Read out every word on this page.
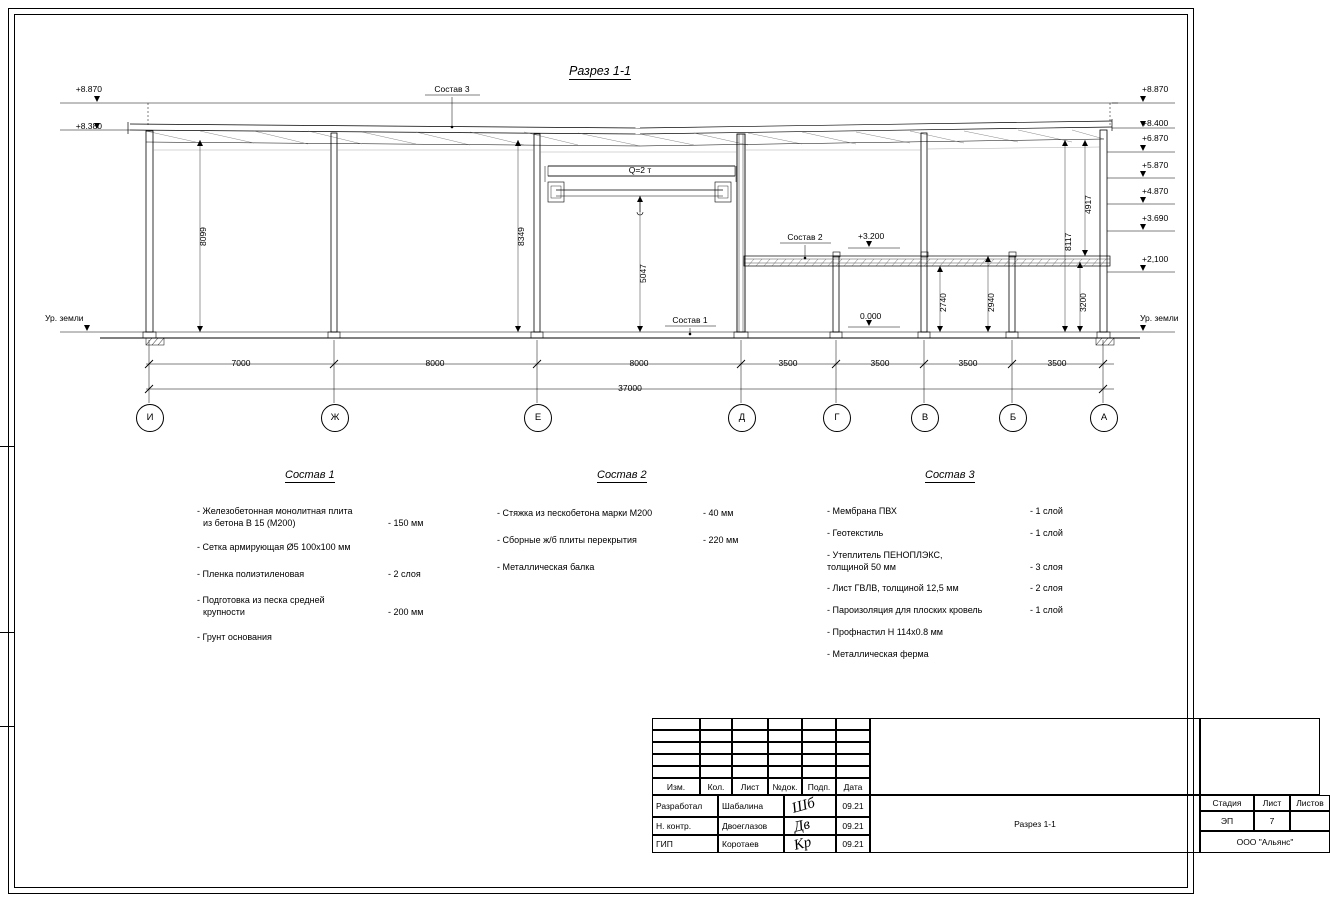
Разрез 1-1
+8.870
+8.380
Ур. земли
+8.870
+8.400
+6.870
+5.870
+4.870
+3.690
+2,100
Ур. земли
+3.200
0.000
Q=2 т
Состав 3
Состав 2
Состав 1
8099	8349
5047
8117
4917
2740	2940	3200
7000	8000	8000	3500	3500	3500	3500
37000
И	Ж	Е	Д	Г	В	Б	А
Состав 1
- Железобетонная монолитная плита
из бетона В 15 (М200)	- 150 мм
- Сетка армирующая Ø5 100х100 мм
- Пленка полиэтиленовая	- 2 слоя
- Подготовка из песка средней
крупности	- 200 мм
- Грунт основания
Состав 2
- Стяжка из пескобетона марки М200	- 40 мм
- Сборные ж/б плиты перекрытия	- 220 мм
- Металлическая балка
Состав 3
- Мембрана ПВХ	- 1 слой
- Геотекстиль	- 1 слой
- Утеплитель ПЕНОПЛЭКС,
толщиной 50 мм	- 3 слоя
- Лист ГВЛВ, толщиной 12,5 мм	- 2 слоя
- Пароизоляция для плоских кровель	- 1 слой
- Профнастил Н 114х0.8 мм
- Металлическая ферма
Изм.	Кол.	Лист	№док.	Подп.	Дата
Разработал	Шабалина	09.21
Н. контр.	Двоеглазов	09.21
ГИП	Коротаев	09.21
Разрез 1-1
Стадия	Лист	Листов
ЭП	7
ООО "Альянс"
Шб
Дв
Кр
